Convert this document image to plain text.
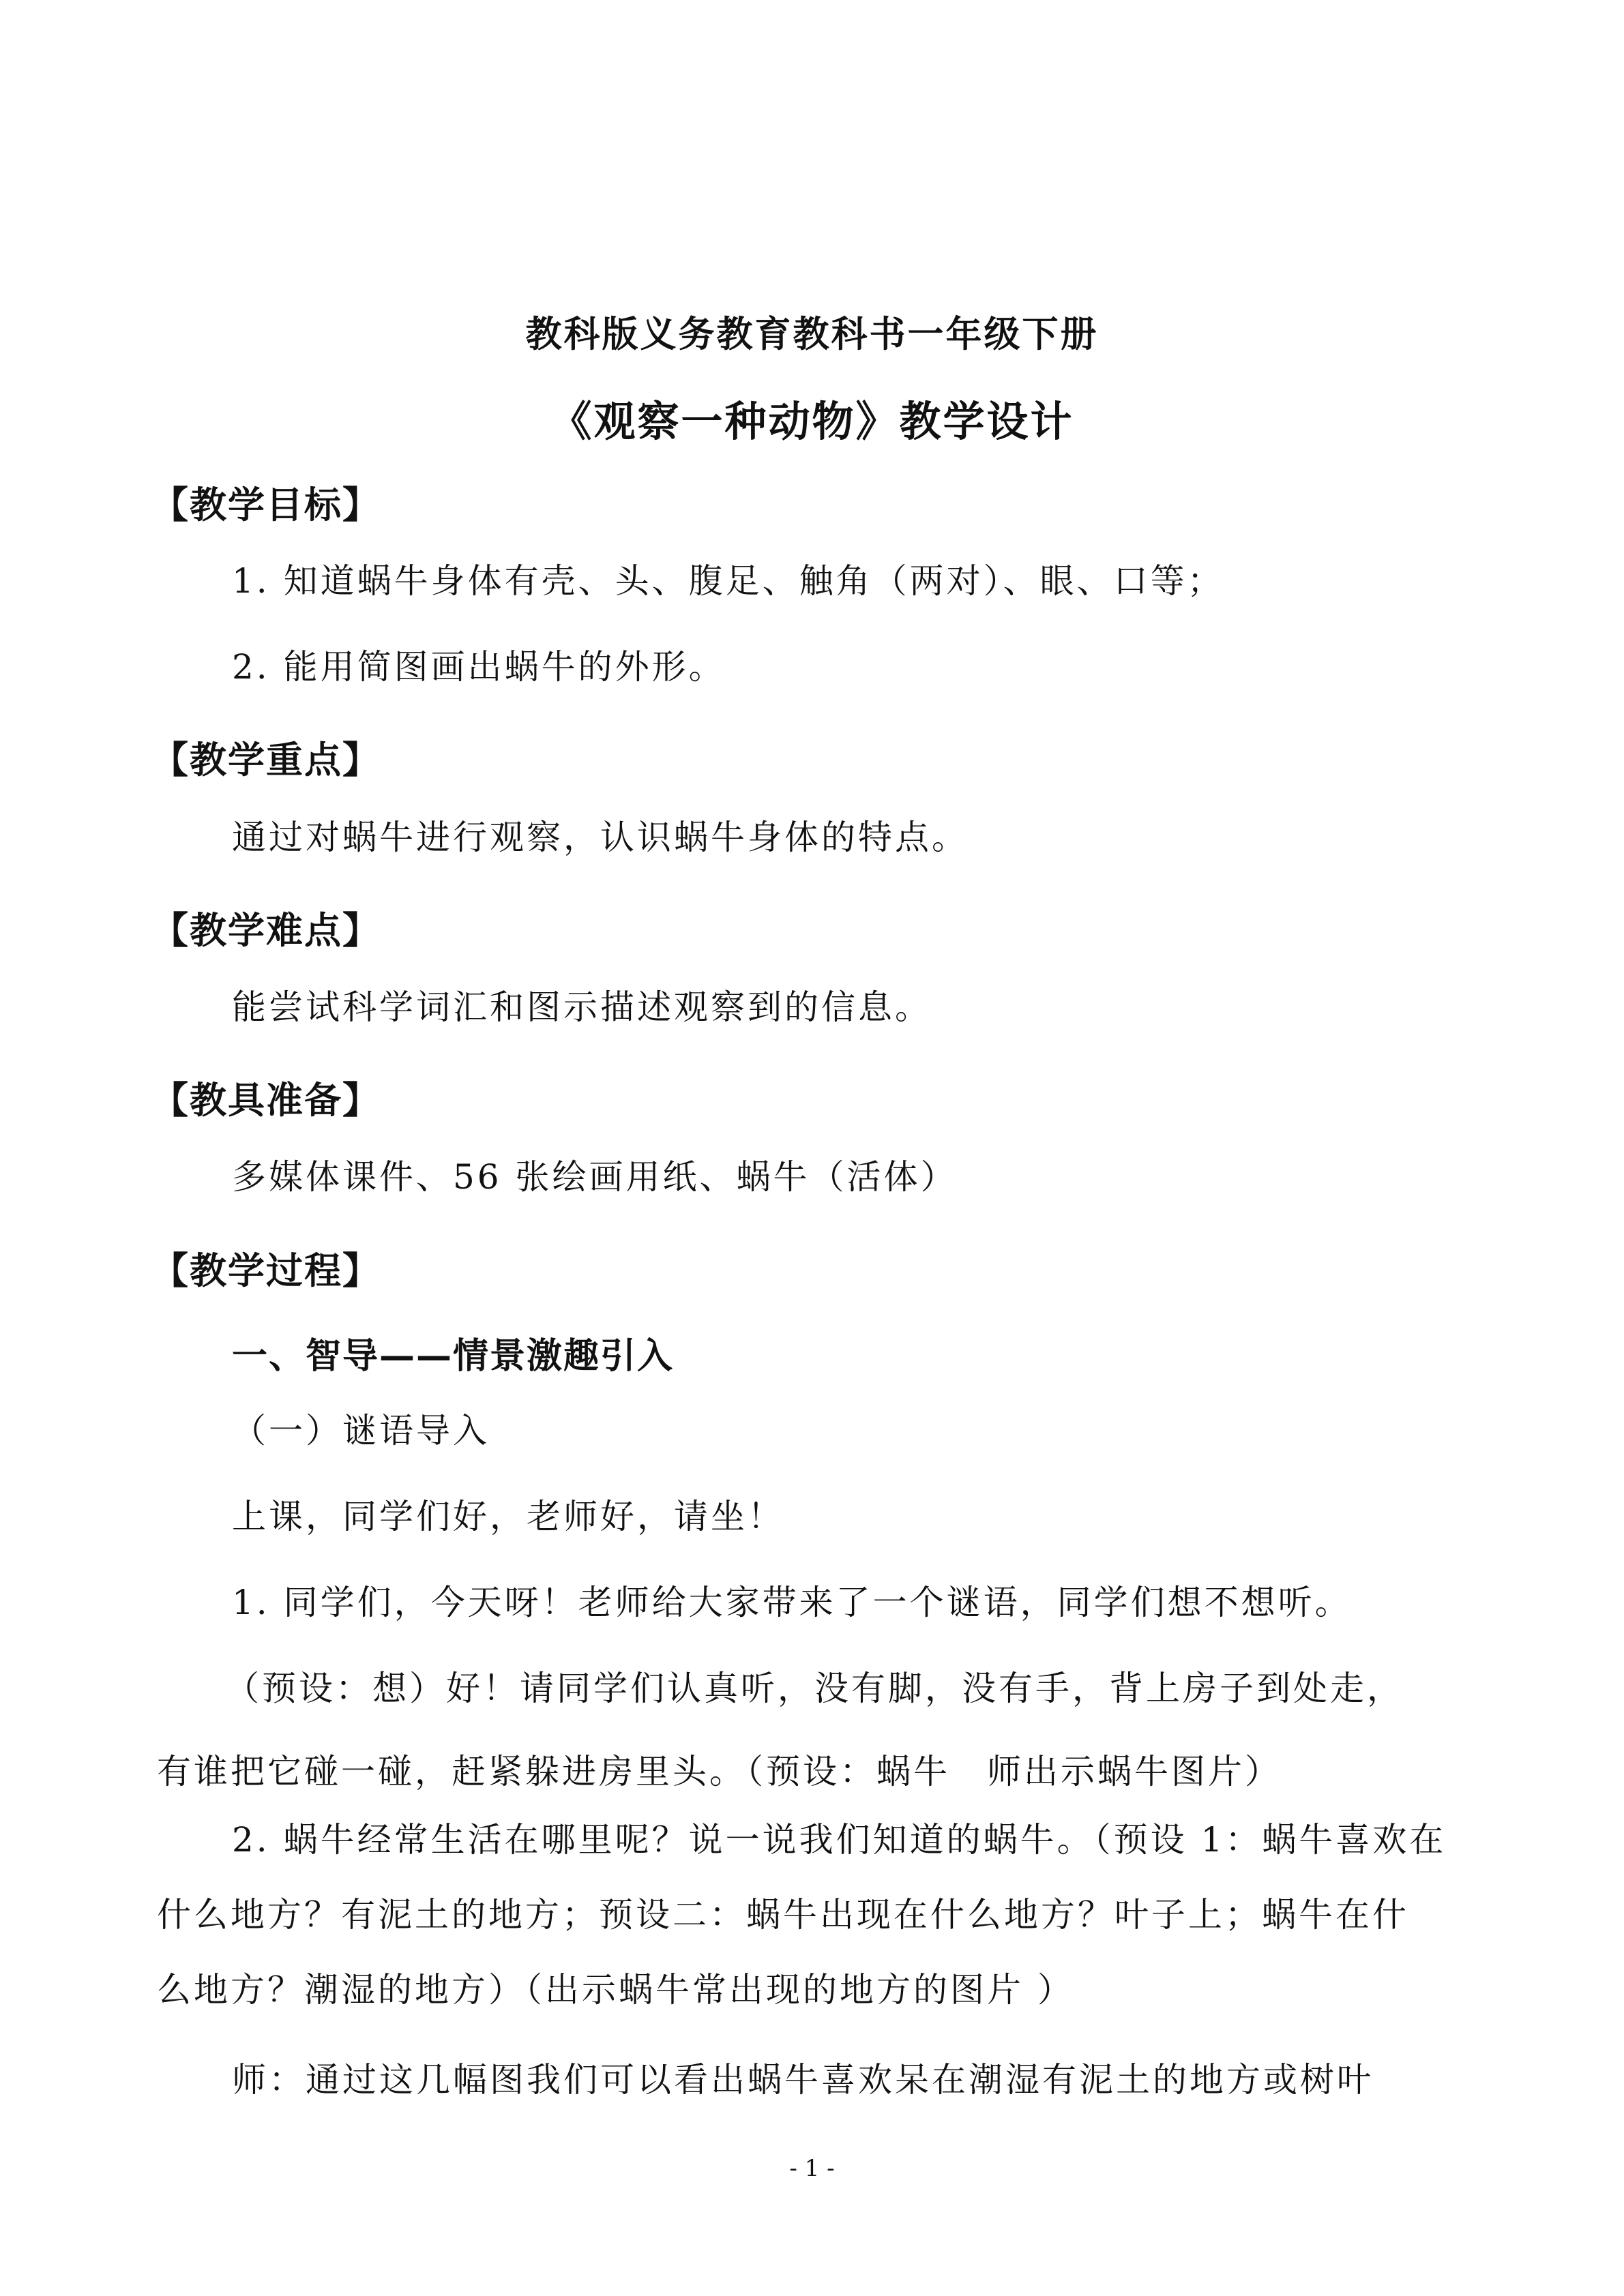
教科版义务教育教科书一年级下册
《观察一种动物》教学设计
【教学目标】
1. 知道蜗牛身体有壳、头、腹足、触角（两对）、眼、口等；
2. 能用简图画出蜗牛的外形。
【教学重点】
通过对蜗牛进行观察，认识蜗牛身体的特点。
【教学难点】
能尝试科学词汇和图示描述观察到的信息。
【教具准备】
多媒体课件、56 张绘画用纸、蜗牛（活体）
【教学过程】
一、智导——情景激趣引入
（一）谜语导入
上课，同学们好，老师好，请坐！
1. 同学们，今天呀！老师给大家带来了一个谜语，同学们想不想听。
（预设：想）好！请同学们认真听，没有脚，没有手，背上房子到处走，
有谁把它碰一碰，赶紧躲进房里头。（预设：蜗牛　师出示蜗牛图片）
2. 蜗牛经常生活在哪里呢？说一说我们知道的蜗牛。（预设 1：蜗牛喜欢在
什么地方？有泥土的地方；预设二：蜗牛出现在什么地方？叶子上；蜗牛在什
么地方？潮湿的地方）（出示蜗牛常出现的地方的图片 ）
师：通过这几幅图我们可以看出蜗牛喜欢呆在潮湿有泥土的地方或树叶
- 1 -
